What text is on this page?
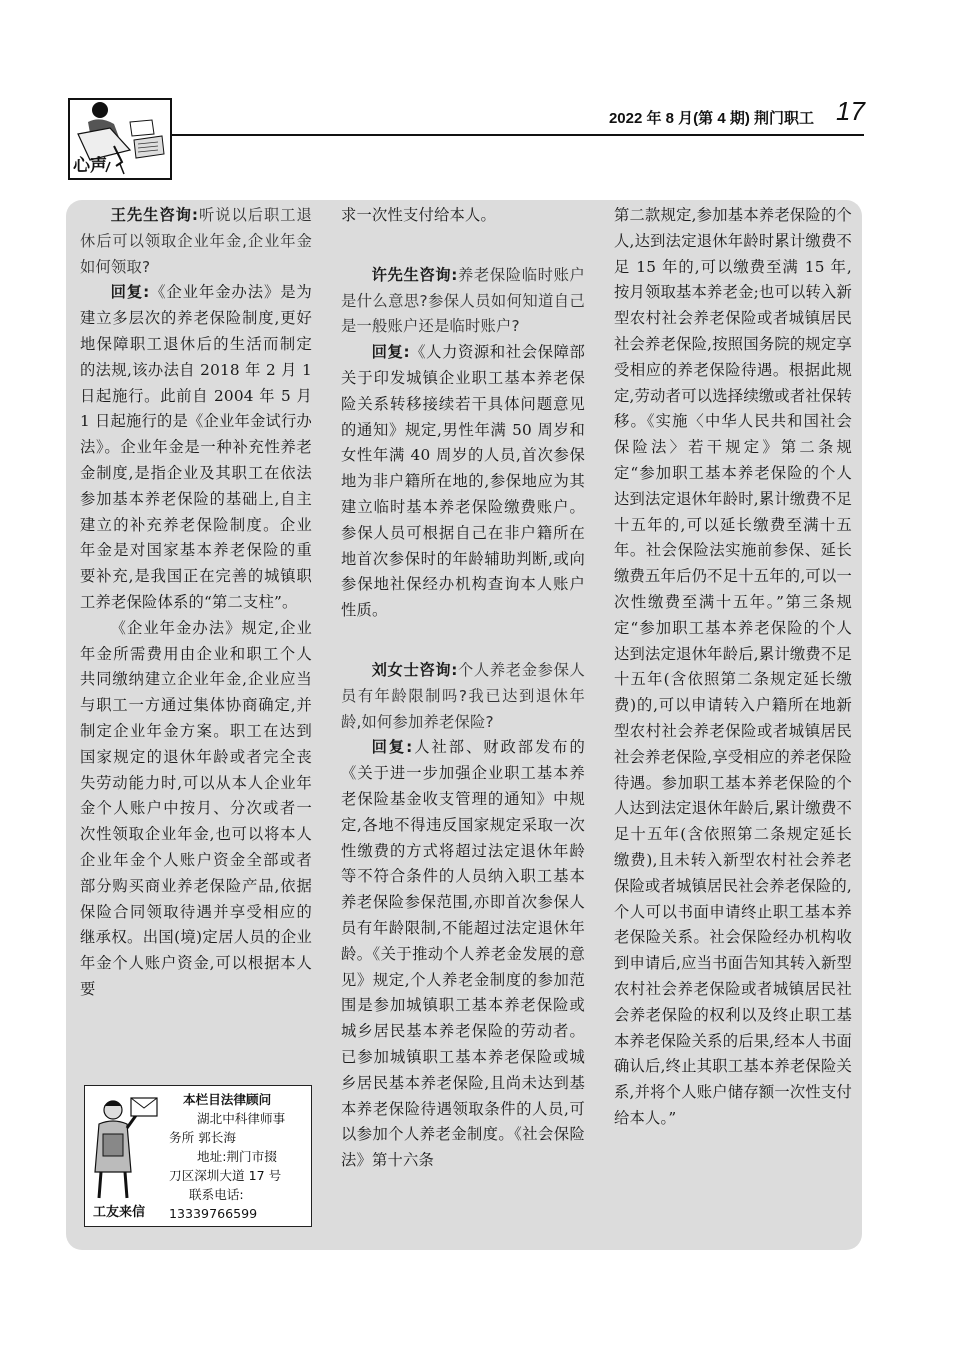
心声
2022 年 8 月(第 4 期) 荆门职工 17

王先生咨询:听说以后职工退休后可以领取企业年金,企业年金如何领取?

回复:《企业年金办法》是为建立多层次的养老保险制度,更好地保障职工退休后的生活而制定的法规,该办法自 2018 年 2 月 1 日起施行。此前自 2004 年 5 月 1 日起施行的是《企业年金试行办法》。企业年金是一种补充性养老金制度,是指企业及其职工在依法参加基本养老保险的基础上,自主建立的补充养老保险制度。企业年金是对国家基本养老保险的重要补充,是我国正在完善的城镇职工养老保险体系的“第二支柱”。

《企业年金办法》规定,企业年金所需费用由企业和职工个人共同缴纳建立企业年金,企业应当与职工一方通过集体协商确定,并制定企业年金方案。职工在达到国家规定的退休年龄或者完全丧失劳动能力时,可以从本人企业年金个人账户中按月、分次或者一次性领取企业年金,也可以将本人企业年金个人账户资金全部或者部分购买商业养老保险产品,依据保险合同领取待遇并享受相应的继承权。出国(境)定居人员的企业年金个人账户资金,可以根据本人要

求一次性支付给本人。

许先生咨询:养老保险临时账户是什么意思?参保人员如何知道自己是一般账户还是临时账户?

回复:《人力资源和社会保障部关于印发城镇企业职工基本养老保险关系转移接续若干具体问题意见的通知》规定,男性年满 50 周岁和女性年满 40 周岁的人员,首次参保地为非户籍所在地的,参保地应为其建立临时基本养老保险缴费账户。参保人员可根据自己在非户籍所在地首次参保时的年龄辅助判断,或向参保地社保经办机构查询本人账户性质。

刘女士咨询:个人养老金参保人员有年龄限制吗?我已达到退休年龄,如何参加养老保险?

回复:人社部、财政部发布的《关于进一步加强企业职工基本养老保险基金收支管理的通知》中规定,各地不得违反国家规定采取一次性缴费的方式将超过法定退休年龄等不符合条件的人员纳入职工基本养老保险参保范围,亦即首次参保人员有年龄限制,不能超过法定退休年龄。《关于推动个人养老金发展的意见》规定,个人养老金制度的参加范围是参加城镇职工基本养老保险或城乡居民基本养老保险的劳动者。已参加城镇职工基本养老保险或城乡居民基本养老保险,且尚未达到基本养老保险待遇领取条件的人员,可以参加个人养老金制度。《社会保险法》第十六条

第二款规定,参加基本养老保险的个人,达到法定退休年龄时累计缴费不足 15 年的,可以缴费至满 15 年,按月领取基本养老金;也可以转入新型农村社会养老保险或者城镇居民社会养老保险,按照国务院的规定享受相应的养老保险待遇。根据此规定,劳动者可以选择续缴或者社保转移。《实施〈中华人民共和国社会保险法〉若干规定》第二条规定“参加职工基本养老保险的个人达到法定退休年龄时,累计缴费不足十五年的,可以延长缴费至满十五年。社会保险法实施前参保、延长缴费五年后仍不足十五年的,可以一次性缴费至满十五年。”第三条规定“参加职工基本养老保险的个人达到法定退休年龄后,累计缴费不足十五年(含依照第二条规定延长缴费)的,可以申请转入户籍所在地新型农村社会养老保险或者城镇居民社会养老保险,享受相应的养老保险待遇。参加职工基本养老保险的个人达到法定退休年龄后,累计缴费不足十五年(含依照第二条规定延长缴费),且未转入新型农村社会养老保险或者城镇居民社会养老保险的,个人可以书面申请终止职工基本养老保险关系。社会保险经办机构收到申请后,应当书面告知其转入新型农村社会养老保险或者城镇居民社会养老保险的权利以及终止职工基本养老保险关系的后果,经本人书面确认后,终止其职工基本养老保险关系,并将个人账户储存额一次性支付给本人。”
本栏目法律顾问
湖北中科律师事
务所 郭长海
地址:荆门市掇
刀区深圳大道 17 号
联系电话:
13339766599
工友来信
